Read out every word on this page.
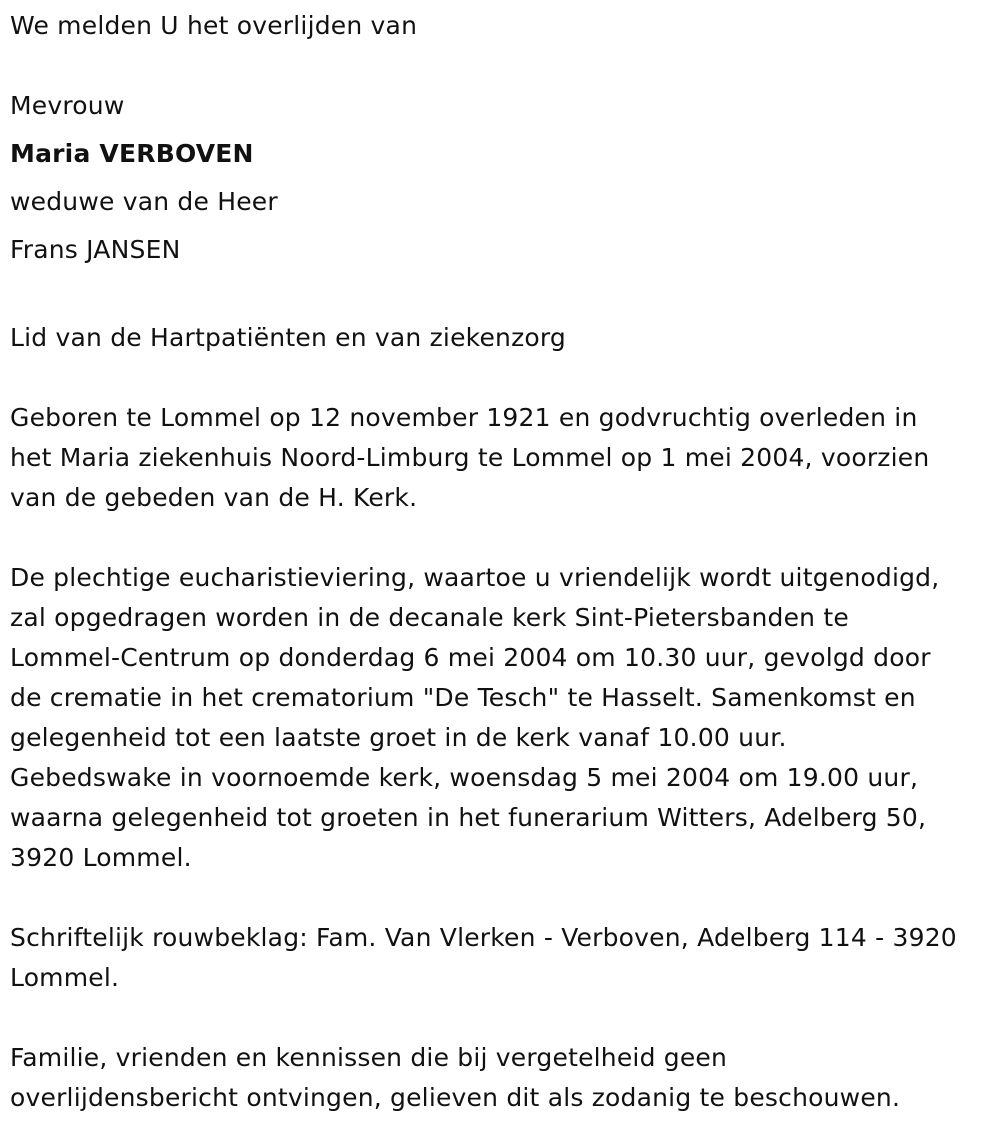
We melden U het overlijden van
Mevrouw
Maria VERBOVEN
weduwe van de Heer
Frans JANSEN
Lid van de Hartpatiënten en van ziekenzorg
Geboren te Lommel op 12 november 1921 en godvruchtig overleden in
het Maria ziekenhuis Noord-Limburg te Lommel op 1 mei 2004, voorzien
van de gebeden van de H. Kerk.
De plechtige eucharistieviering, waartoe u vriendelijk wordt uitgenodigd,
zal opgedragen worden in de decanale kerk Sint-Pietersbanden te
Lommel-Centrum op donderdag 6 mei 2004 om 10.30 uur, gevolgd door
de crematie in het crematorium "De Tesch" te Hasselt. Samenkomst en
gelegenheid tot een laatste groet in de kerk vanaf 10.00 uur.
Gebedswake in voornoemde kerk, woensdag 5 mei 2004 om 19.00 uur,
waarna gelegenheid tot groeten in het funerarium Witters, Adelberg 50,
3920 Lommel.
Schriftelijk rouwbeklag: Fam. Van Vlerken - Verboven, Adelberg 114 - 3920
Lommel.
Familie, vrienden en kennissen die bij vergetelheid geen
overlijdensbericht ontvingen, gelieven dit als zodanig te beschouwen.
